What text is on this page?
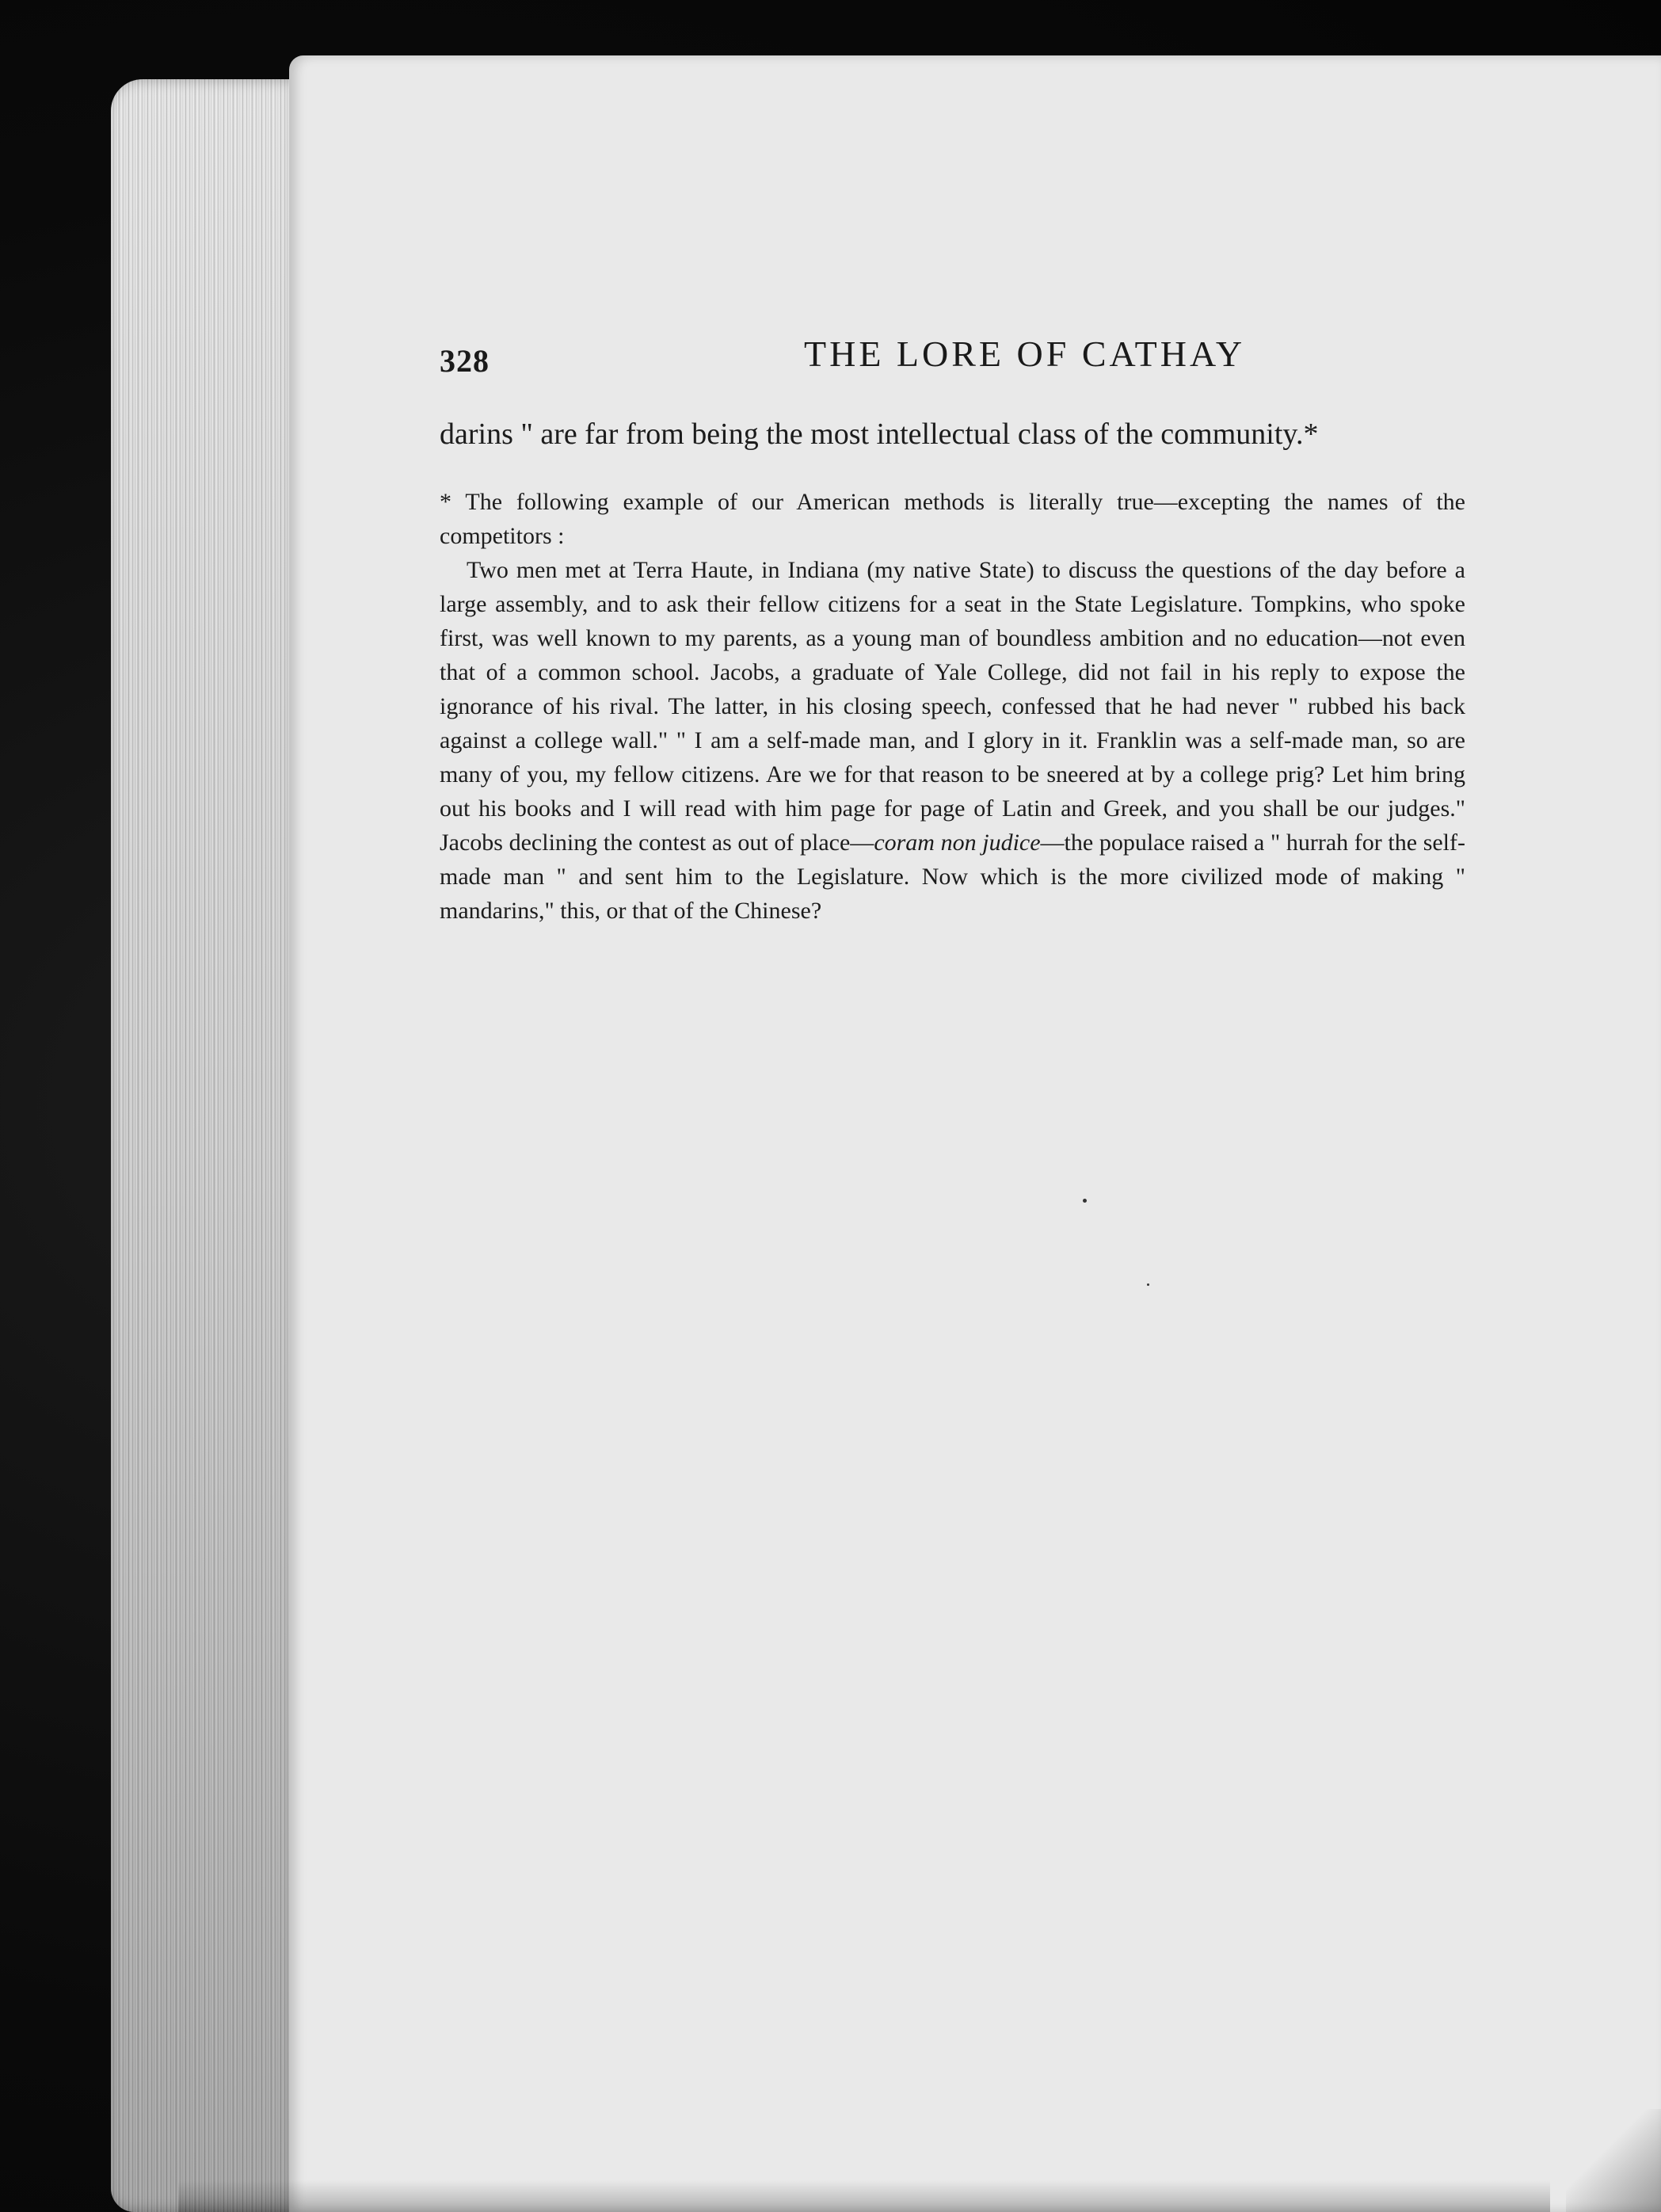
328	THE LORE OF CATHAY

darins " are far from being the most intellectual class of the community.*

* The following example of our American methods is literally true—excepting the names of the competitors :

Two men met at Terra Haute, in Indiana (my native State) to discuss the questions of the day before a large assembly, and to ask their fellow citizens for a seat in the State Legislature. Tompkins, who spoke first, was well known to my parents, as a young man of boundless ambition and no education—not even that of a common school. Jacobs, a graduate of Yale College, did not fail in his reply to expose the ignorance of his rival. The latter, in his closing speech, confessed that he had never " rubbed his back against a college wall." " I am a self-made man, and I glory in it. Franklin was a self-made man, so are many of you, my fellow citizens. Are we for that reason to be sneered at by a college prig? Let him bring out his books and I will read with him page for page of Latin and Greek, and you shall be our judges." Jacobs declining the contest as out of place—coram non judice—the populace raised a " hurrah for the self-made man " and sent him to the Legislature. Now which is the more civilized mode of making " mandarins," this, or that of the Chinese?
